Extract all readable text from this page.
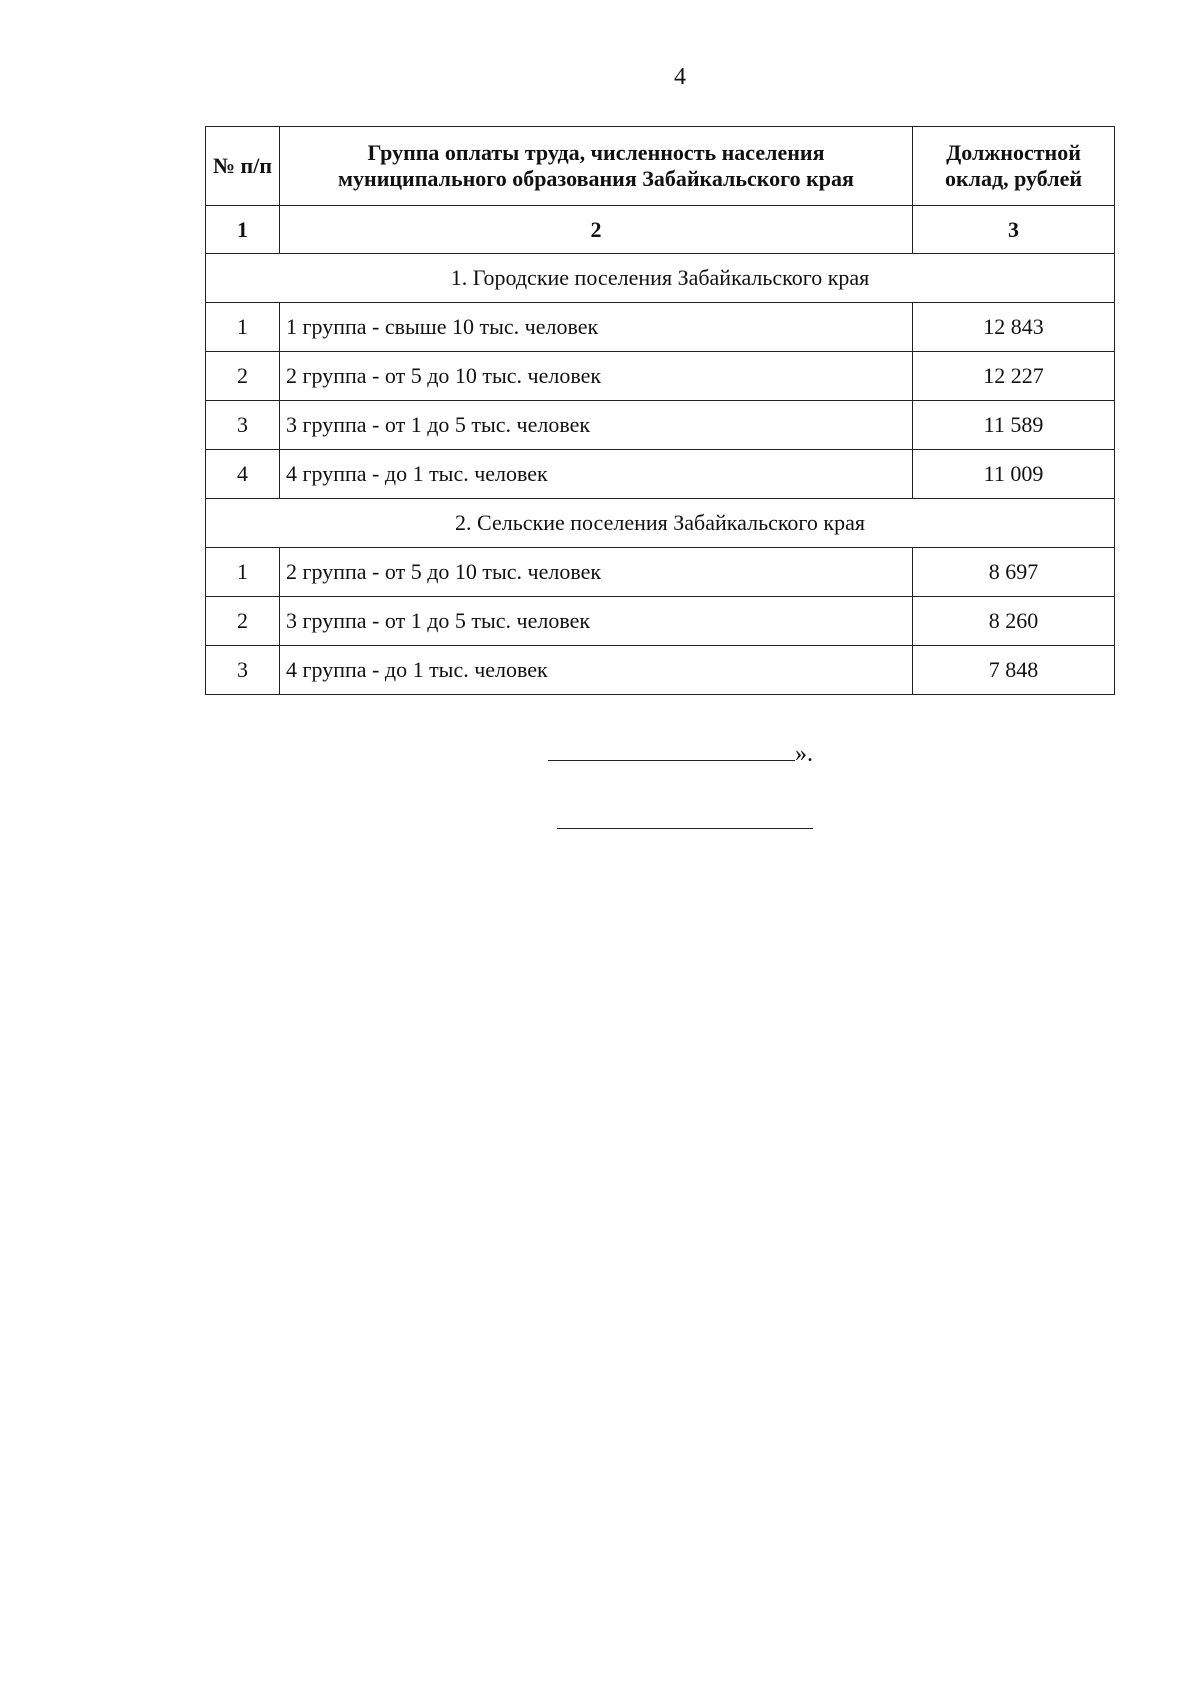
4
№ п/п	Группа оплаты труда, численность населения муниципального образования Забайкальского края	Должностной оклад, рублей
1	2	3
1. Городские поселения Забайкальского края		
1	1 группа - свыше 10 тыс. человек	12 843
2	2 группа - от 5 до 10 тыс. человек	12 227
3	3 группа - от 1 до 5 тыс. человек	11 589
4	4 группа - до 1 тыс. человек	11 009
2. Сельские поселения Забайкальского края		
1	2 группа - от 5 до 10 тыс. человек	8 697
2	3 группа - от 1 до 5 тыс. человек	8 260
3	4 группа - до 1 тыс. человек	7 848
».
